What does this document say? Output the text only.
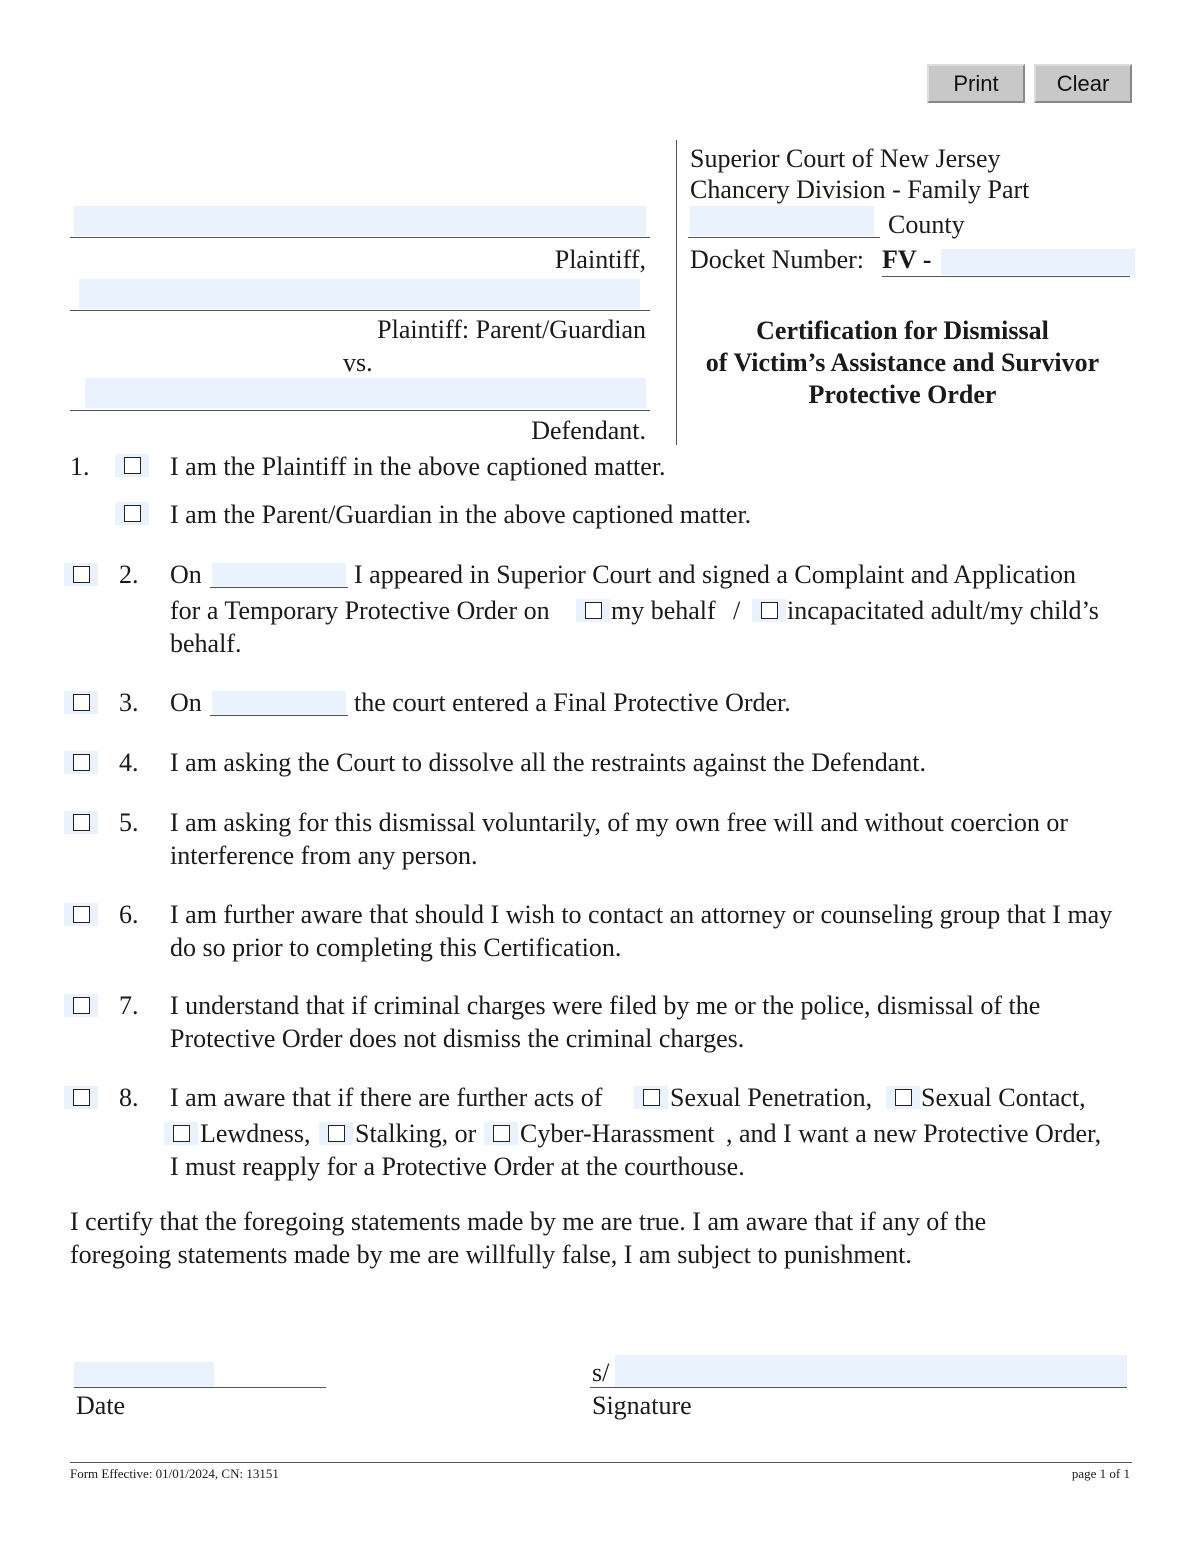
Print	Clear
Plaintiff,
Plaintiff: Parent/Guardian
vs.
Defendant.
Superior Court of New Jersey
Chancery Division - Family Part
County
Docket Number: FV -
Certification for Dismissal
of Victim’s Assistance and Survivor
Protective Order
1.	I am the Plaintiff in the above captioned matter.
I am the Parent/Guardian in the above captioned matter.
2. On	I appeared in Superior Court and signed a Complaint and Application
for a Temporary Protective Order on my behalf / incapacitated adult/my child’s
behalf.
3. On	the court entered a Final Protective Order.
4. I am asking the Court to dissolve all the restraints against the Defendant.
5. I am asking for this dismissal voluntarily, of my own free will and without coercion or interference from any person.
6. I am further aware that should I wish to contact an attorney or counseling group that I may do so prior to completing this Certification.
7. I understand that if criminal charges were filed by me or the police, dismissal of the Protective Order does not dismiss the criminal charges.
8. I am aware that if there are further acts of	Sexual Penetration, Sexual Contact,
Lewdness, Stalking, or Cyber-Harassment , and I want a new Protective Order,
I must reapply for a Protective Order at the courthouse.
I certify that the foregoing statements made by me are true. I am aware that if any of the foregoing statements made by me are willfully false, I am subject to punishment.
Date
s/
Signature
Form Effective: 01/01/2024, CN: 13151	page 1 of 1
